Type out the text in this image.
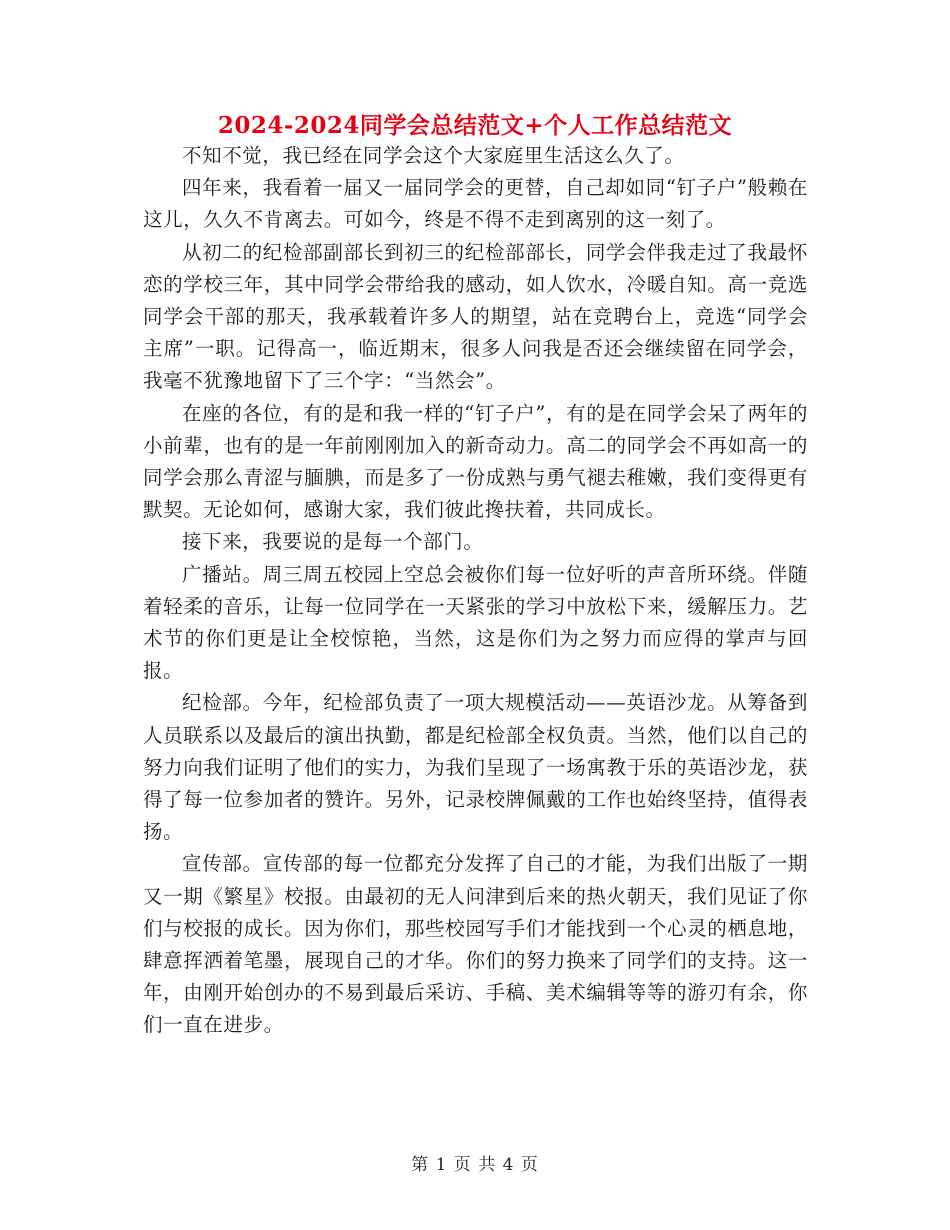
2024-2024同学会总结范文+个人工作总结范文

不知不觉，我已经在同学会这个大家庭里生活这么久了。

四年来，我看着一届又一届同学会的更替，自己却如同“钉子户”般赖在这儿，久久不肯离去。可如今，终是不得不走到离别的这一刻了。

从初二的纪检部副部长到初三的纪检部部长，同学会伴我走过了我最怀恋的学校三年，其中同学会带给我的感动，如人饮水，冷暖自知。高一竞选同学会干部的那天，我承载着许多人的期望，站在竞聘台上，竞选“同学会主席”一职。记得高一，临近期末，很多人问我是否还会继续留在同学会，我毫不犹豫地留下了三个字：“当然会”。

在座的各位，有的是和我一样的“钉子户”，有的是在同学会呆了两年的小前辈，也有的是一年前刚刚加入的新奇动力。高二的同学会不再如高一的同学会那么青涩与腼腆，而是多了一份成熟与勇气褪去稚嫩，我们变得更有默契。无论如何，感谢大家，我们彼此搀扶着，共同成长。

接下来，我要说的是每一个部门。

广播站。周三周五校园上空总会被你们每一位好听的声音所环绕。伴随着轻柔的音乐，让每一位同学在一天紧张的学习中放松下来，缓解压力。艺术节的你们更是让全校惊艳，当然，这是你们为之努力而应得的掌声与回报。

纪检部。今年，纪检部负责了一项大规模活动——英语沙龙。从筹备到人员联系以及最后的演出执勤，都是纪检部全权负责。当然，他们以自己的努力向我们证明了他们的实力，为我们呈现了一场寓教于乐的英语沙龙，获得了每一位参加者的赞许。另外，记录校牌佩戴的工作也始终坚持，值得表扬。

宣传部。宣传部的每一位都充分发挥了自己的才能，为我们出版了一期又一期《繁星》校报。由最初的无人问津到后来的热火朝天，我们见证了你们与校报的成长。因为你们，那些校园写手们才能找到一个心灵的栖息地，肆意挥洒着笔墨，展现自己的才华。你们的努力换来了同学们的支持。这一年，由刚开始创办的不易到最后采访、手稿、美术编辑等等的游刃有余，你们一直在进步。

第 1 页 共 4 页
